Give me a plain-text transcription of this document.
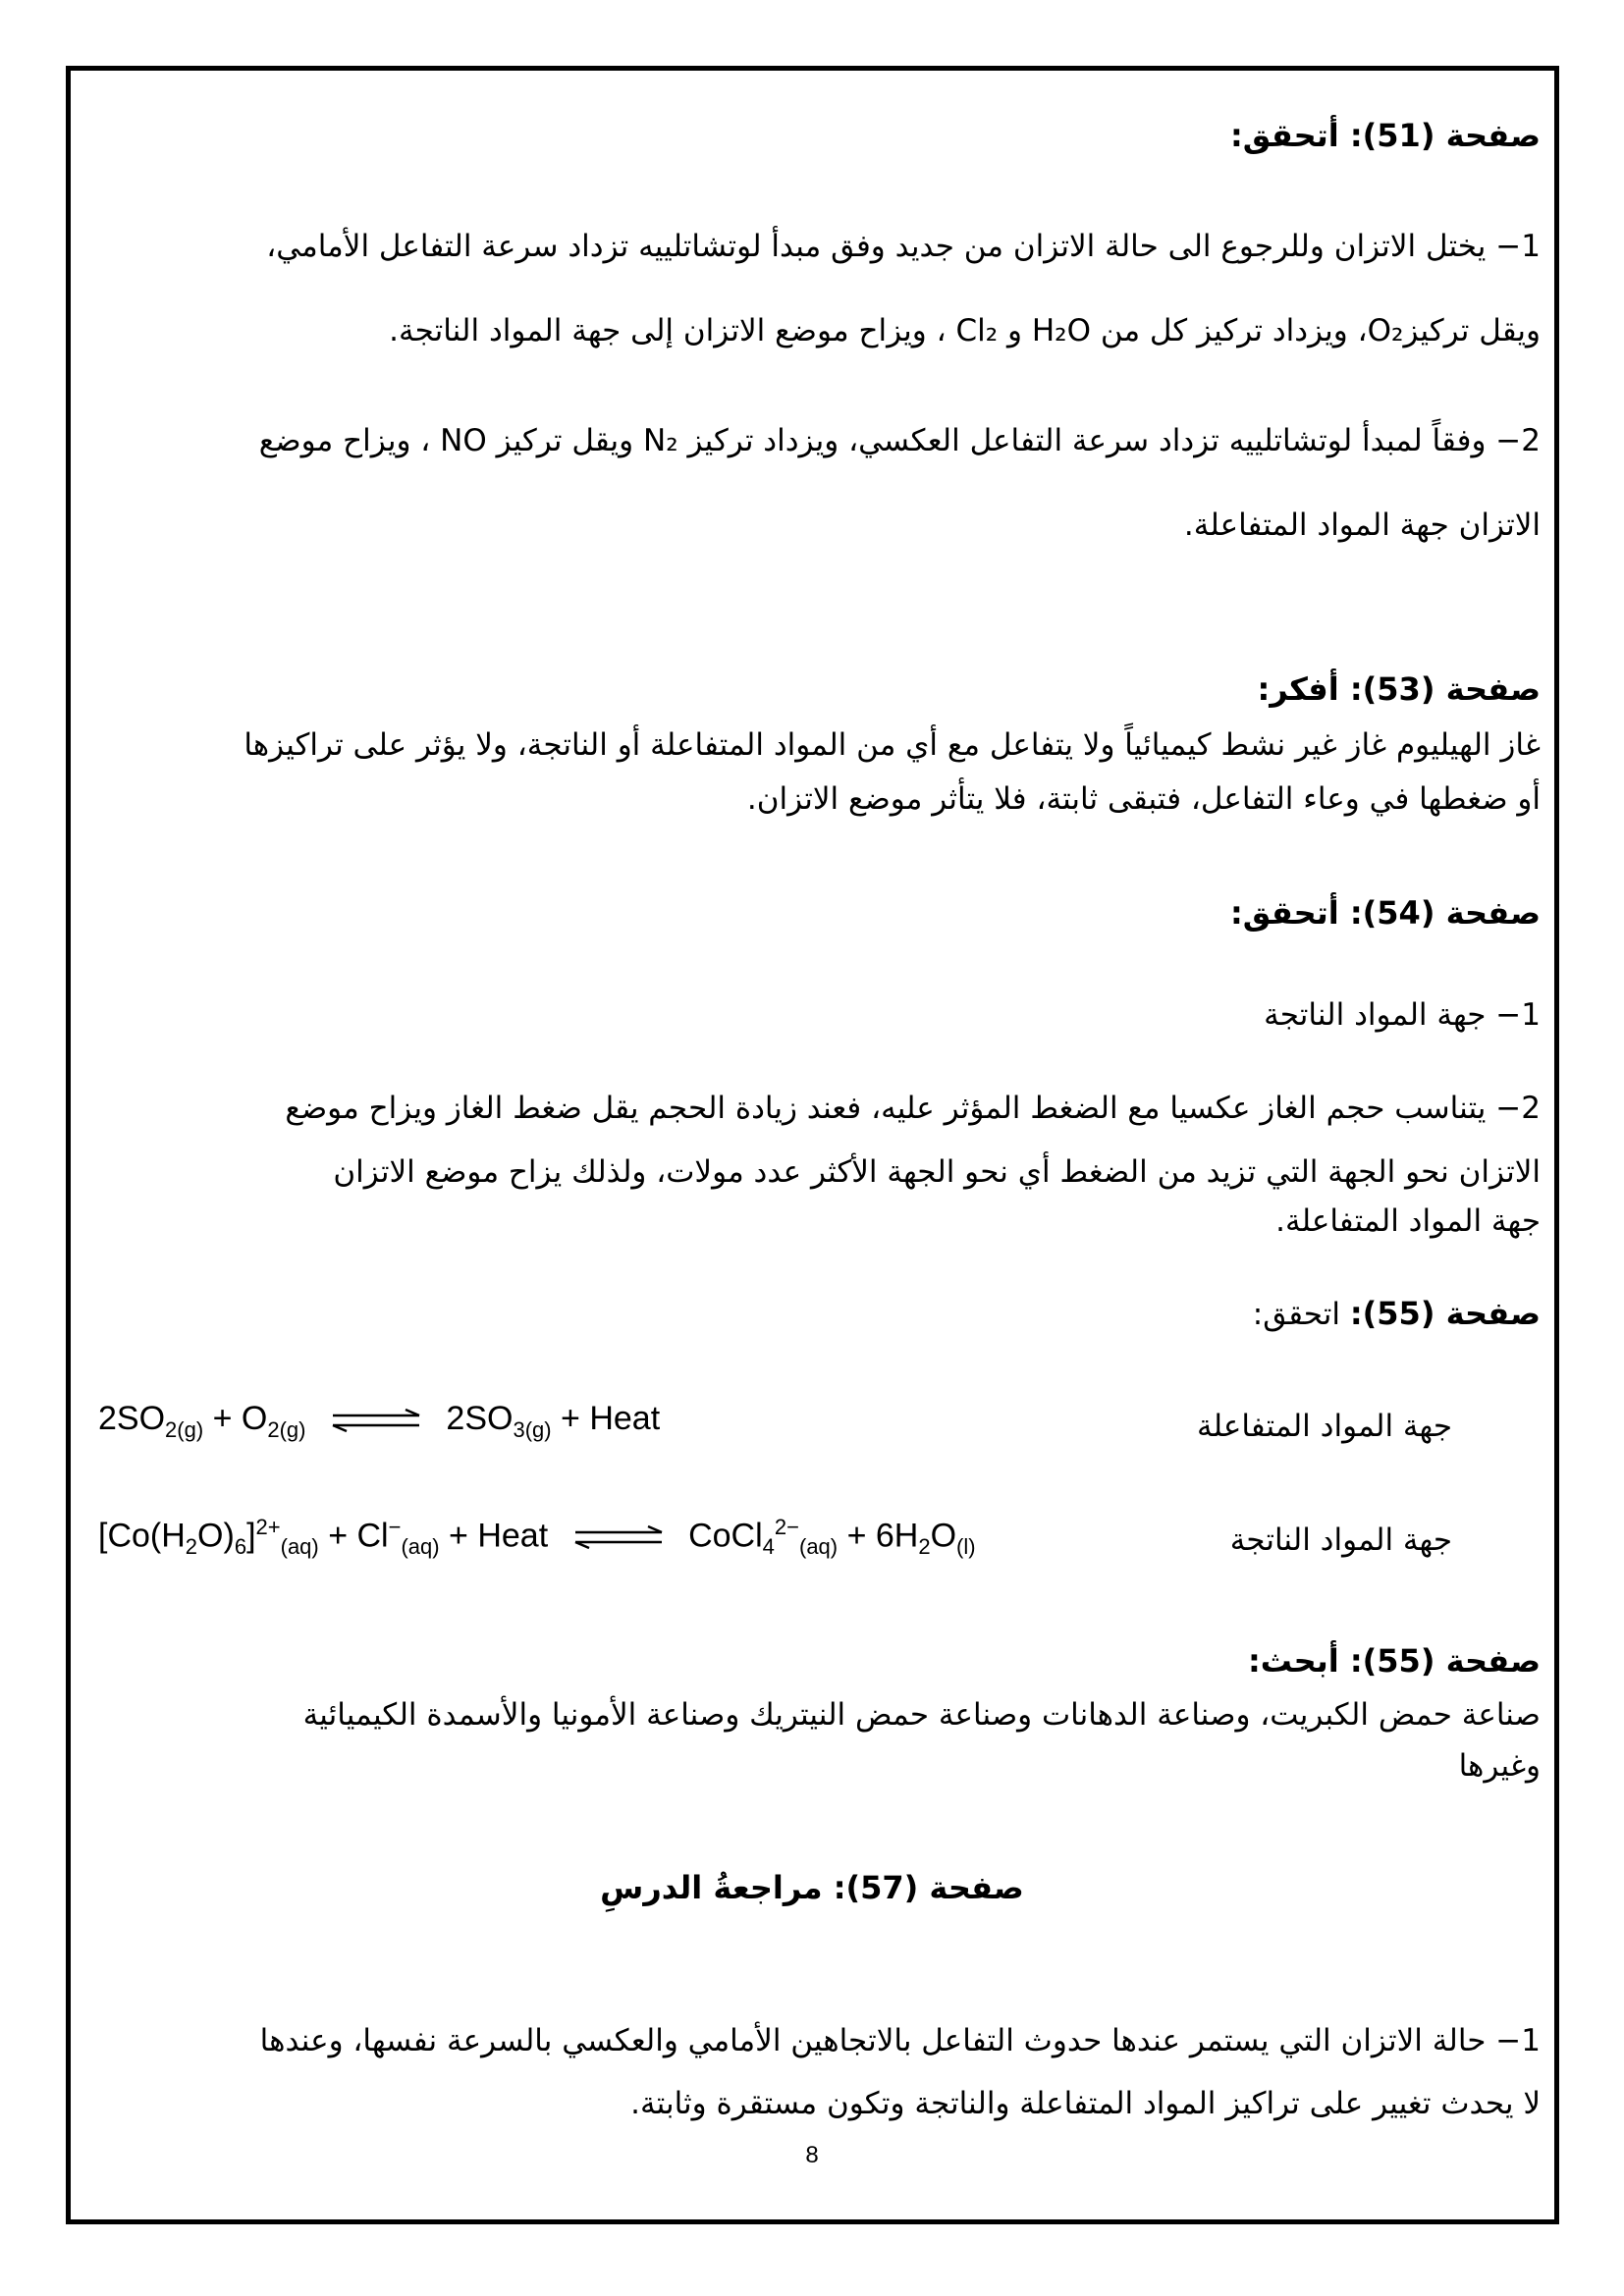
صفحة (51): أتحقق:
1− يختل الاتزان وللرجوع الى حالة الاتزان من جديد وفق مبدأ لوتشاتلييه تزداد سرعة التفاعل الأمامي،
ويقل تركيزO₂، ويزداد تركيز كل من H₂O و Cl₂ ، ويزاح موضع الاتزان إلى جهة المواد الناتجة.
2− وفقاً لمبدأ لوتشاتلييه تزداد سرعة التفاعل العكسي، ويزداد تركيز N₂ ويقل تركيز NO ، ويزاح موضع
الاتزان جهة المواد المتفاعلة.
صفحة (53): أفكر:
غاز الهيليوم غاز غير نشط كيميائياً ولا يتفاعل مع أي من المواد المتفاعلة أو الناتجة، ولا يؤثر على تراكيزها
أو ضغطها في وعاء التفاعل، فتبقى ثابتة، فلا يتأثر موضع الاتزان.
صفحة (54): أتحقق:
1− جهة المواد الناتجة
2− يتناسب حجم الغاز عكسيا مع الضغط المؤثر عليه، فعند زيادة الحجم يقل ضغط الغاز ويزاح موضع
الاتزان نحو الجهة التي تزيد من الضغط أي نحو الجهة الأكثر عدد مولات، ولذلك يزاح موضع الاتزان
جهة المواد المتفاعلة.
صفحة (55): اتحقق:
جهة المواد المتفاعلة
$2SO_{2(g)} + O_{2(g)}$ ⇌ $2SO_{3(g)}$ + Heat
جهة المواد الناتجة
$[Co(H_2O)_6]^{2+}_{(aq)} + Cl^-_{(aq)}$ + Heat ⇌ CoCl$_4^{2-}_{(aq)}$ + $6H_2O_{(l)}$
صفحة (55): أبحث:
صناعة حمض الكبريت، وصناعة الدهانات وصناعة حمض النيتريك وصناعة الأمونيا والأسمدة الكيميائية
وغيرها
صفحة (57): مراجعةُ الدرسِ
1− حالة الاتزان التي يستمر عندها حدوث التفاعل بالاتجاهين الأمامي والعكسي بالسرعة نفسها، وعندها
لا يحدث تغيير على تراكيز المواد المتفاعلة والناتجة وتكون مستقرة وثابتة.
8
